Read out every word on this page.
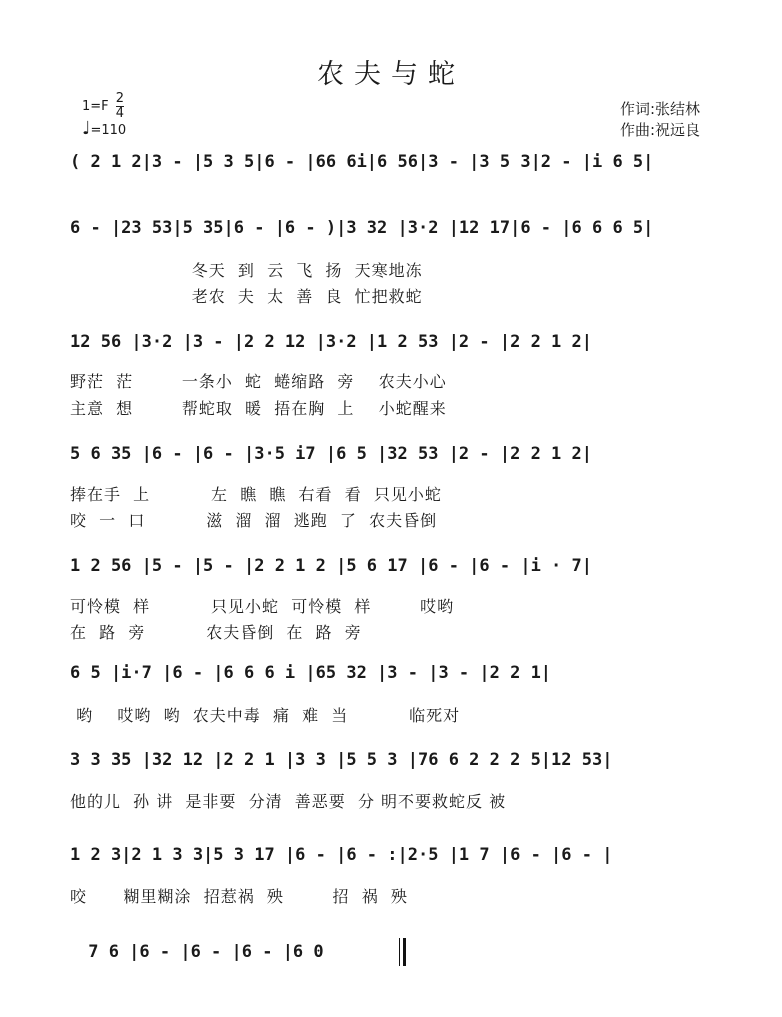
农夫与蛇
$1=F \frac{2}{4}$
♩=110
作词:张结林
作曲:祝远良
( 2 1 2|3 - |5 3 5|6 - |66 6i|6 56|3 - |3 5 3|2 - |i 6 5|
6 - |23 53|5 35|6 - |6 - )|3 32 |3·2 |12 17|6 - |6 6 6 5|
冬天  到  云  飞  扬  天寒地冻
老农  夫  太  善  良  忙把救蛇
12 56 |3·2 |3 - |2 2 12 |3·2 |1 2 53 |2 - |2 2 1 2|
野茫  茫        一条小  蛇  蜷缩路  旁    农夫小心
主意  想        帮蛇取  暖  捂在胸  上    小蛇醒来
5 6 35 |6 - |6 - |3·5 i7 |6 5 |32 53 |2 - |2 2 1 2|
捧在手  上          左  瞧  瞧  右看  看  只见小蛇
咬  一  口          滋  溜  溜  逃跑  了  农夫昏倒
1 2 56 |5 - |5 - |2 2 1 2 |5 6 17 |6 - |6 - |i · 7|
可怜模  样          只见小蛇  可怜模  样        哎哟
在  路  旁          农夫昏倒  在  路  旁
6 5 |i·7 |6 - |6 6 6 i |65 32 |3 - |3 - |2 2 1|
哟    哎哟  哟  农夫中毒  痛  难  当          临死对
3 3 35 |32 12 |2 2 1 |3 3 |5 5 3 |76 6 2 2 2 5|12 53|
他的儿  孙 讲  是非要  分清  善恶要  分 明不要救蛇反 被
1 2 3|2 1 3 3|5 3 17 |6 - |6 - :|2·5 |1 7 |6 - |6 - |
咬      糊里糊涂  招惹祸  殃        招  祸  殃
7 6 |6 - |6 - |6 - |6 0
